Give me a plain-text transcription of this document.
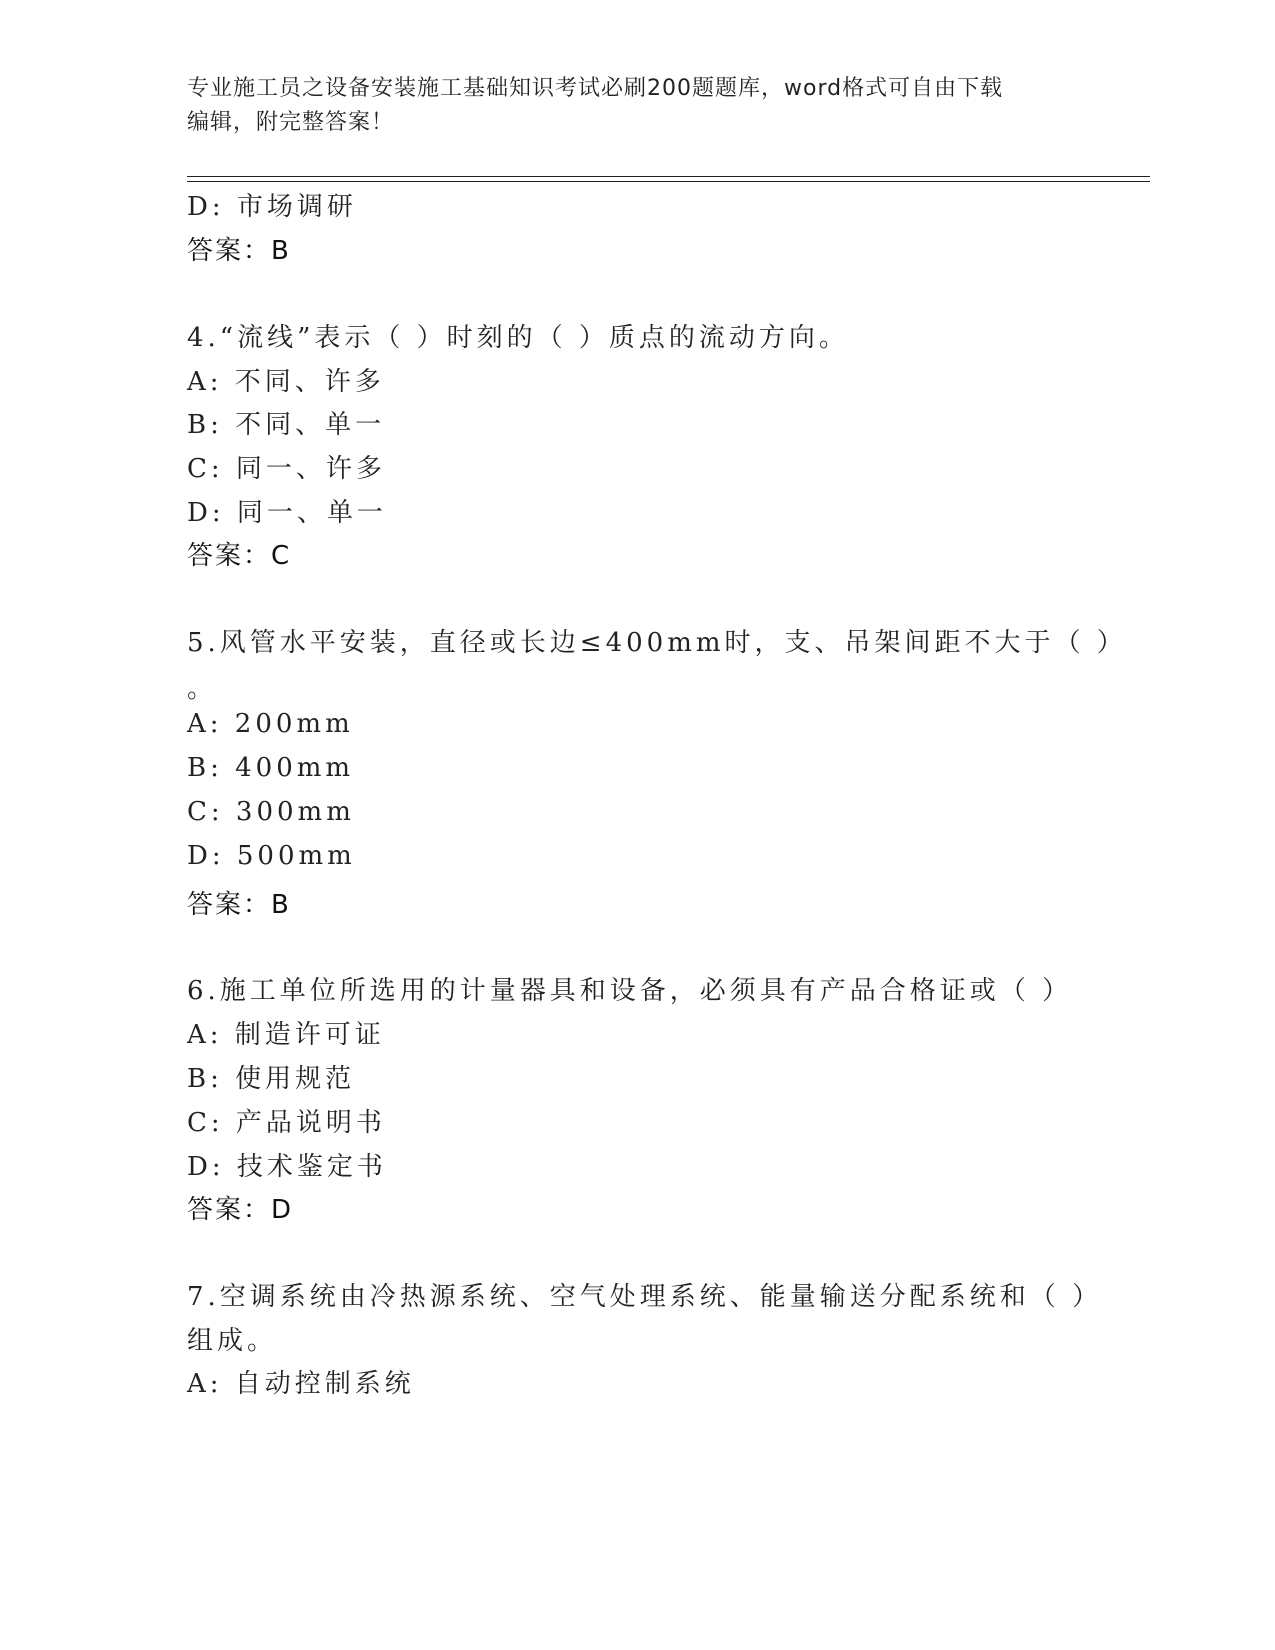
专业施工员之设备安装施工基础知识考试必刷200题题库，word格式可自由下载
编辑，附完整答案！
D: 市场调研
答案：B
4.“流线”表示（ ）时刻的（ ）质点的流动方向。
A: 不同、许多
B: 不同、单一
C: 同一、许多
D: 同一、单一
答案：C
5.风管水平安装，直径或长边≤400mm时，支、吊架间距不大于（ ）
。
A: 200mm
B: 400mm
C: 300mm
D: 500mm
答案：B
6.施工单位所选用的计量器具和设备，必须具有产品合格证或（ ）
A: 制造许可证
B: 使用规范
C: 产品说明书
D: 技术鉴定书
答案：D
7.空调系统由冷热源系统、空气处理系统、能量输送分配系统和（ ）
组成。
A: 自动控制系统
